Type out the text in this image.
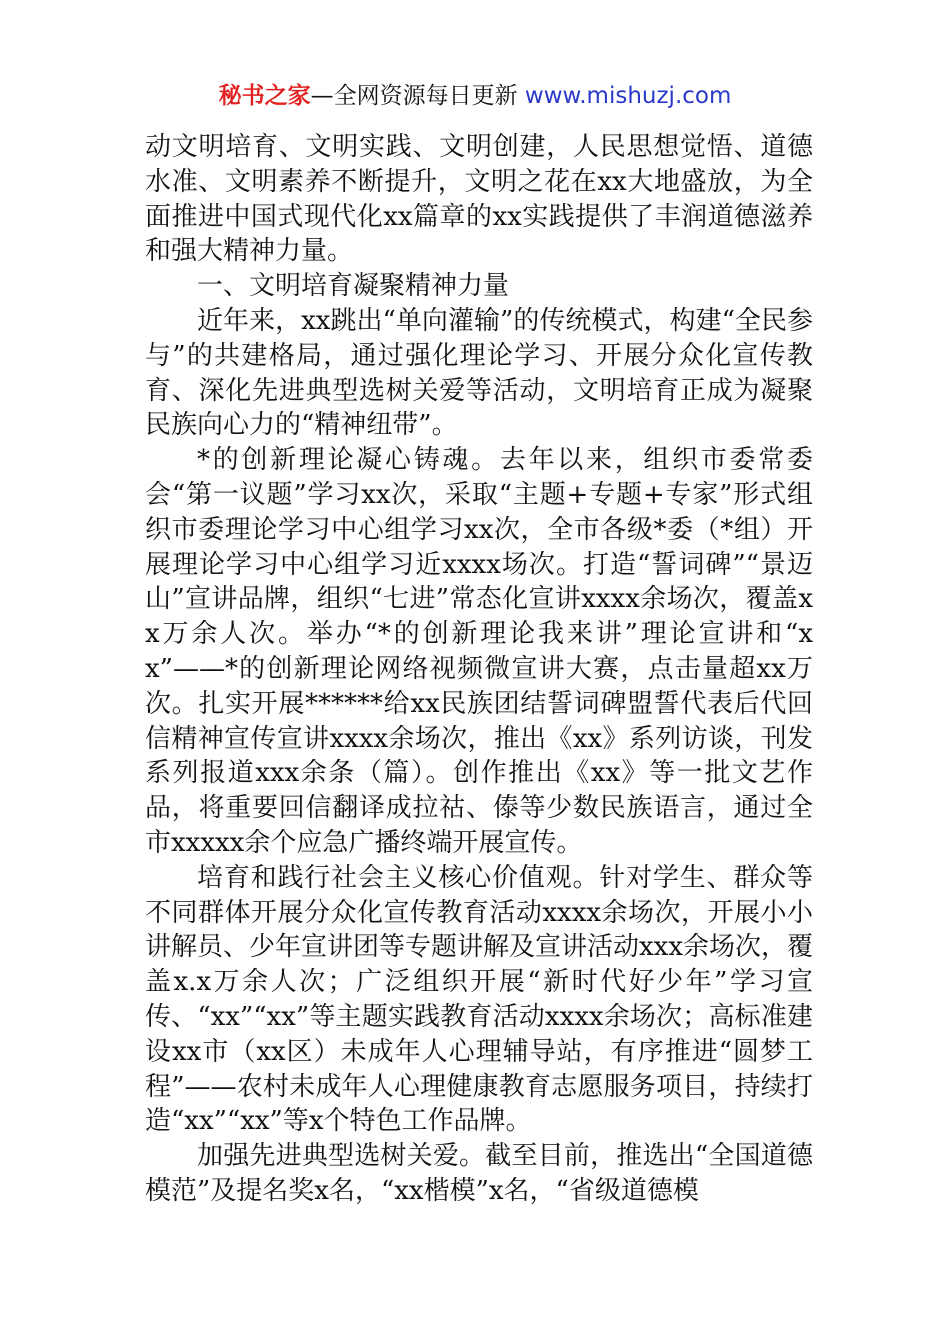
秘书之家—全网资源每日更新 www.mishuzj.com

动文明培育、文明实践、文明创建，人民思想觉悟、道德水准、文明素养不断提升，文明之花在xx大地盛放，为全面推进中国式现代化xx篇章的xx实践提供了丰润道德滋养和强大精神力量。

一、文明培育凝聚精神力量

近年来，xx跳出“单向灌输”的传统模式，构建“全民参与”的共建格局，通过强化理论学习、开展分众化宣传教育、深化先进典型选树关爱等活动，文明培育正成为凝聚民族向心力的“精神纽带”。

*的创新理论凝心铸魂。去年以来，组织市委常委会“第一议题”学习xx次，采取“主题+专题+专家”形式组织市委理论学习中心组学习xx次，全市各级*委（*组）开展理论学习中心组学习近xxxx场次。打造“誓词碑”“景迈山”宣讲品牌，组织“七进”常态化宣讲xxxx余场次，覆盖xx万余人次。举办“*的创新理论我来讲”理论宣讲和“xx”——*的创新理论网络视频微宣讲大赛，点击量超xx万次。扎实开展******给xx民族团结誓词碑盟誓代表后代回信精神宣传宣讲xxxx余场次，推出《xx》系列访谈，刊发系列报道xxx余条（篇）。创作推出《xx》等一批文艺作品，将重要回信翻译成拉祜、傣等少数民族语言，通过全市xxxxx余个应急广播终端开展宣传。

培育和践行社会主义核心价值观。针对学生、群众等不同群体开展分众化宣传教育活动xxxx余场次，开展小小讲解员、少年宣讲团等专题讲解及宣讲活动xxx余场次，覆盖x.x万余人次；广泛组织开展“新时代好少年”学习宣传、“xx”“xx”等主题实践教育活动xxxx余场次；高标准建设xx市（xx区）未成年人心理辅导站，有序推进“圆梦工程”——农村未成年人心理健康教育志愿服务项目，持续打造“xx”“xx”等x个特色工作品牌。

加强先进典型选树关爱。截至目前，推选出“全国道德模范”及提名奖x名，“xx楷模”x名，“省级道德模
